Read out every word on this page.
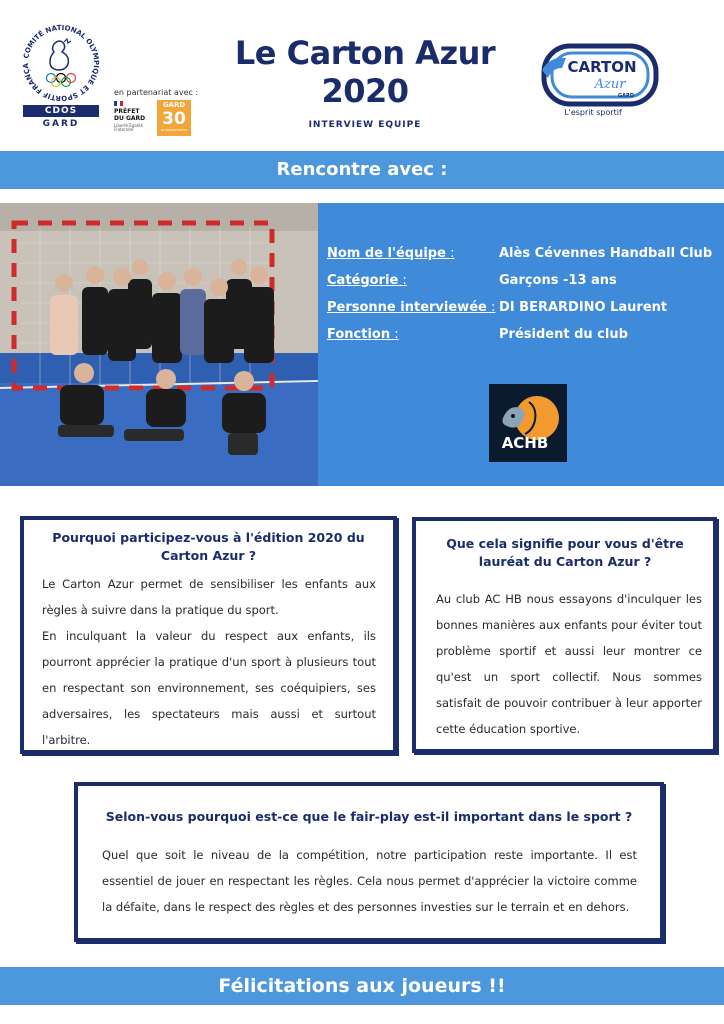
COMITÉ NATIONAL OLYMPIQUE ET SPORTIF FRANÇA
CDOS
GARD
en partenariat avec :
PRÉFET DU GARD
Liberté Égalité Fraternité
GARD
30
LE DÉPARTEMENT
Le Carton Azur
2020
INTERVIEW EQUIPE
CARTON
Azur
GARD
L'esprit sportif
Rencontre avec :
Nom de l'équipe :	Alès Cévennes Handball Club
Catégorie :	Garçons -13 ans
Personne interviewée : DI BERARDINO Laurent
Fonction :	Président du club
ACHB
Pourquoi participez-vous à l'édition 2020 du Carton Azur ?

Le Carton Azur permet de sensibiliser les enfants aux règles à suivre dans la pratique du sport.

En inculquant la valeur du respect aux enfants, ils pourront apprécier la pratique d'un sport à plusieurs tout en respectant son environnement, ses coéquipiers, ses adversaires, les spectateurs mais aussi et surtout l'arbitre.

Que cela signifie pour vous d'être lauréat du Carton Azur ?
Au club AC HB nous essayons d'inculquer les bonnes manières aux enfants pour éviter tout problème sportif et aussi leur montrer ce qu'est un sport collectif. Nous sommes satisfait de pouvoir contribuer à leur apporter cette éducation sportive.
Selon-vous pourquoi est-ce que le fair-play est-il important dans le sport ?
Quel que soit le niveau de la compétition, notre participation reste importante. Il est essentiel de jouer en respectant les règles. Cela nous permet d'apprécier la victoire comme la défaite, dans le respect des règles et des personnes investies sur le terrain et en dehors.
Félicitations aux joueurs !!
